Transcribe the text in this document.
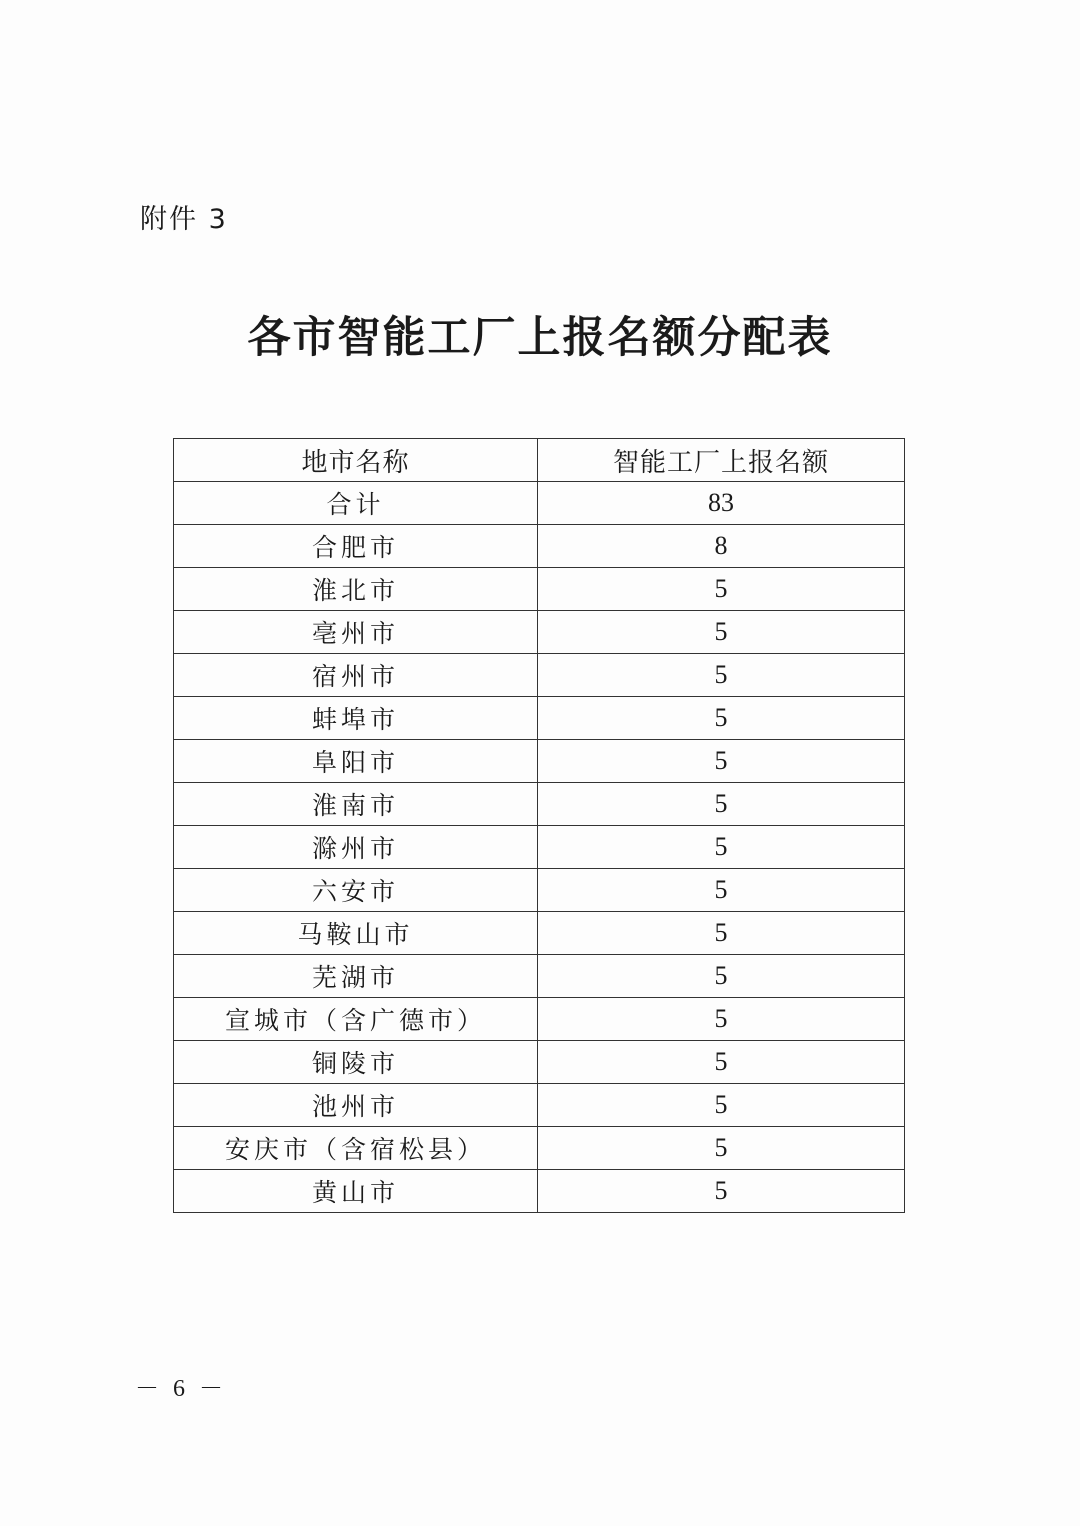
附件 3
各市智能工厂上报名额分配表
地市名称	智能工厂上报名额
合计	83
合肥市	8
淮北市	5
亳州市	5
宿州市	5
蚌埠市	5
阜阳市	5
淮南市	5
滁州市	5
六安市	5
马鞍山市	5
芜湖市	5
宣城市（含广德市）	5
铜陵市	5
池州市	5
安庆市（含宿松县）	5
黄山市	5
－ 6 －
